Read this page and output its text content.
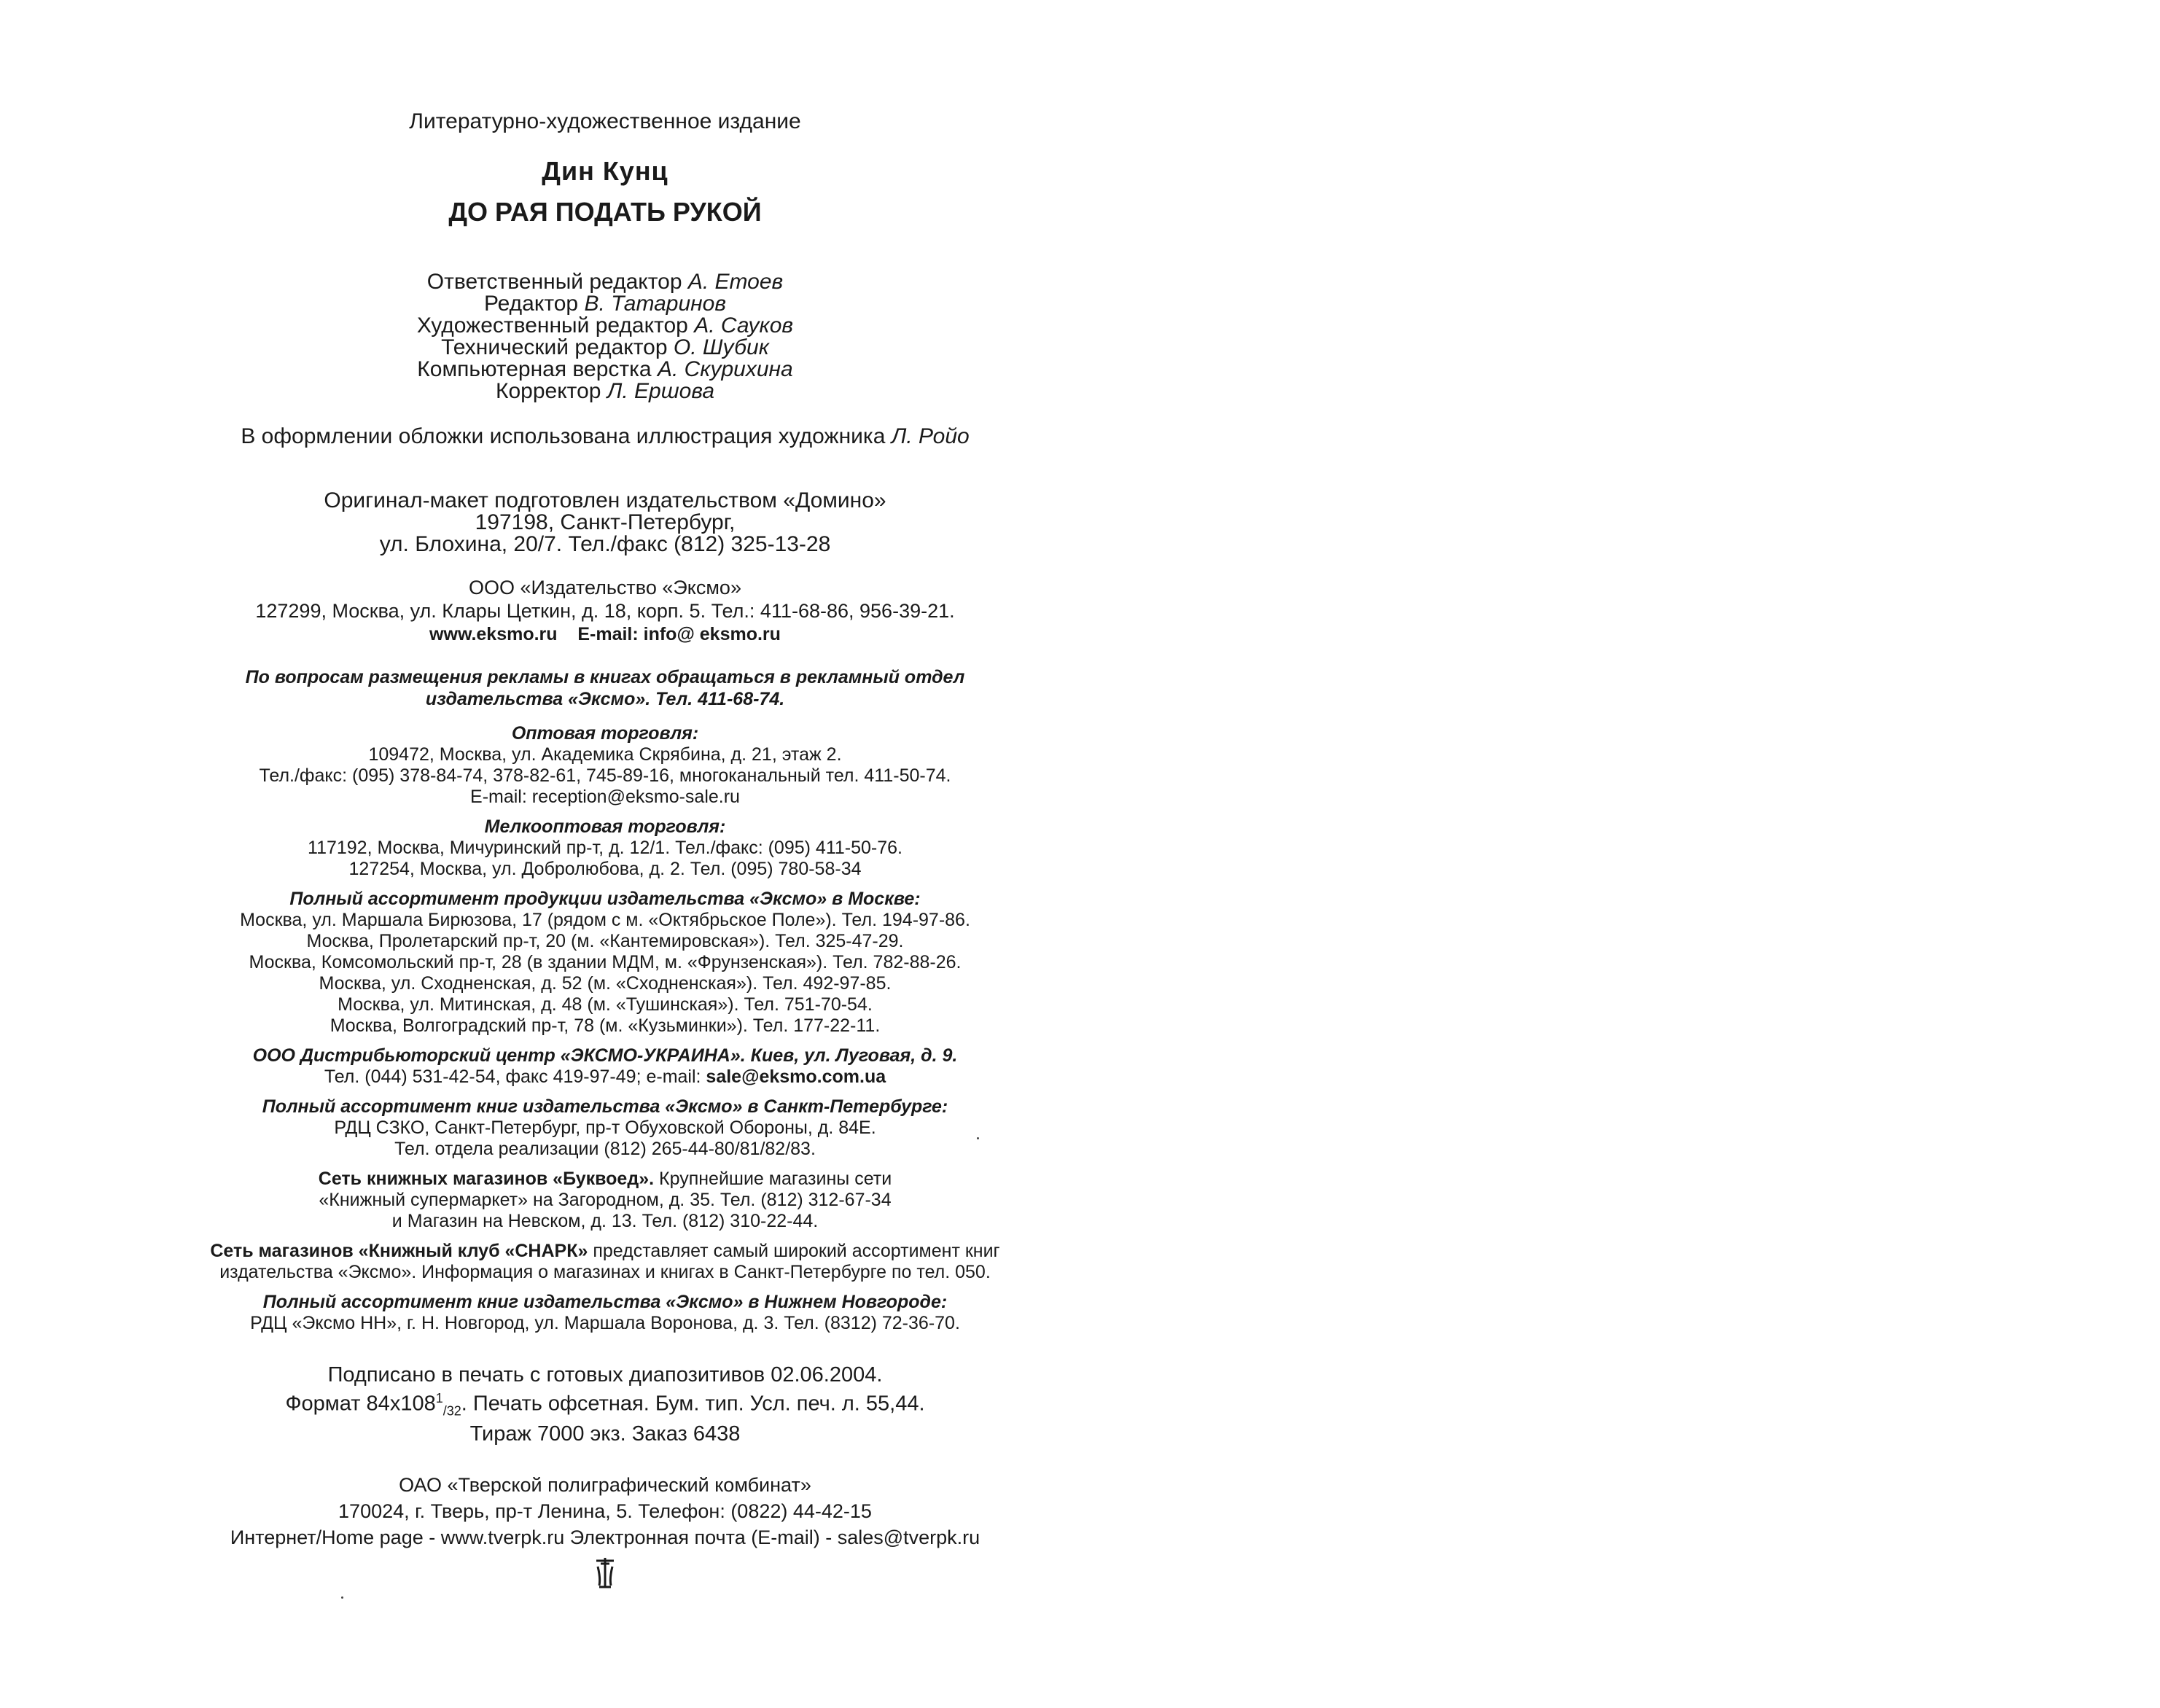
Литературно-художественное издание

Дин Кунц

ДО РАЯ ПОДАТЬ РУКОЙ

Ответственный редактор А. Етоев

Редактор В. Татаринов

Художественный редактор А. Сауков

Технический редактор О. Шубик

Компьютерная верстка А. Скурихина

Корректор Л. Ершова

В оформлении обложки использована иллюстрация художника Л. Ройо

Оригинал-макет подготовлен издательством «Домино»

197198, Санкт-Петербург,

ул. Блохина, 20/7. Тел./факс (812) 325-13-28

ООО «Издательство «Эксмо»

127299, Москва, ул. Клары Цеткин, д. 18, корп. 5. Тел.: 411-68-86, 956-39-21.

www.eksmo.ru    E-mail: info@ eksmo.ru

По вопросам размещения рекламы в книгах обращаться в рекламный отдел

издательства «Эксмо». Тел. 411-68-74.

Оптовая торговля:

109472, Москва, ул. Академика Скрябина, д. 21, этаж 2.

Тел./факс: (095) 378-84-74, 378-82-61, 745-89-16, многоканальный тел. 411-50-74.

E-mail: reception@eksmo-sale.ru

Мелкооптовая торговля:

117192, Москва, Мичуринский пр-т, д. 12/1. Тел./факс: (095) 411-50-76.

127254, Москва, ул. Добролюбова, д. 2. Тел. (095) 780-58-34

Полный ассортимент продукции издательства «Эксмо» в Москве:

Москва, ул. Маршала Бирюзова, 17 (рядом с м. «Октябрьское Поле»). Тел. 194-97-86.

Москва, Пролетарский пр-т, 20 (м. «Кантемировская»). Тел. 325-47-29.

Москва, Комсомольский пр-т, 28 (в здании МДМ, м. «Фрунзенская»). Тел. 782-88-26.

Москва, ул. Сходненская, д. 52 (м. «Сходненская»). Тел. 492-97-85.

Москва, ул. Митинская, д. 48 (м. «Тушинская»). Тел. 751-70-54.

Москва, Волгоградский пр-т, 78 (м. «Кузьминки»). Тел. 177-22-11.

ООО Дистрибьюторский центр «ЭКСМО-УКРАИНА». Киев, ул. Луговая, д. 9.

Тел. (044) 531-42-54, факс 419-97-49; e-mail: sale@eksmo.com.ua

Полный ассортимент книг издательства «Эксмо» в Санкт-Петербурге:

РДЦ СЗКО, Санкт-Петербург, пр-т Обуховской Обороны, д. 84Е.

Тел. отдела реализации (812) 265-44-80/81/82/83.

Сеть книжных магазинов «Буквоед». Крупнейшие магазины сети

«Книжный супермаркет» на Загородном, д. 35. Тел. (812) 312-67-34

и Магазин на Невском, д. 13. Тел. (812) 310-22-44.

Сеть магазинов «Книжный клуб «СНАРК» представляет самый широкий ассортимент книг

издательства «Эксмо». Информация о магазинах и книгах в Санкт-Петербурге по тел. 050.

Полный ассортимент книг издательства «Эксмо» в Нижнем Новгороде:

РДЦ «Эксмо НН», г. Н. Новгород, ул. Маршала Воронова, д. 3. Тел. (8312) 72-36-70.

Подписано в печать с готовых диапозитивов 02.06.2004.

Формат $84х108^1_{/32}$. Печать офсетная. Бум. тип. Усл. печ. л. 55,44.

Тираж 7000 экз. Заказ 6438

ОАО «Тверской полиграфический комбинат»

170024, г. Тверь, пр-т Ленина, 5. Телефон: (0822) 44-42-15

Интернет/Home page - www.tverpk.ru Электронная почта (E-mail) - sales@tverpk.ru
